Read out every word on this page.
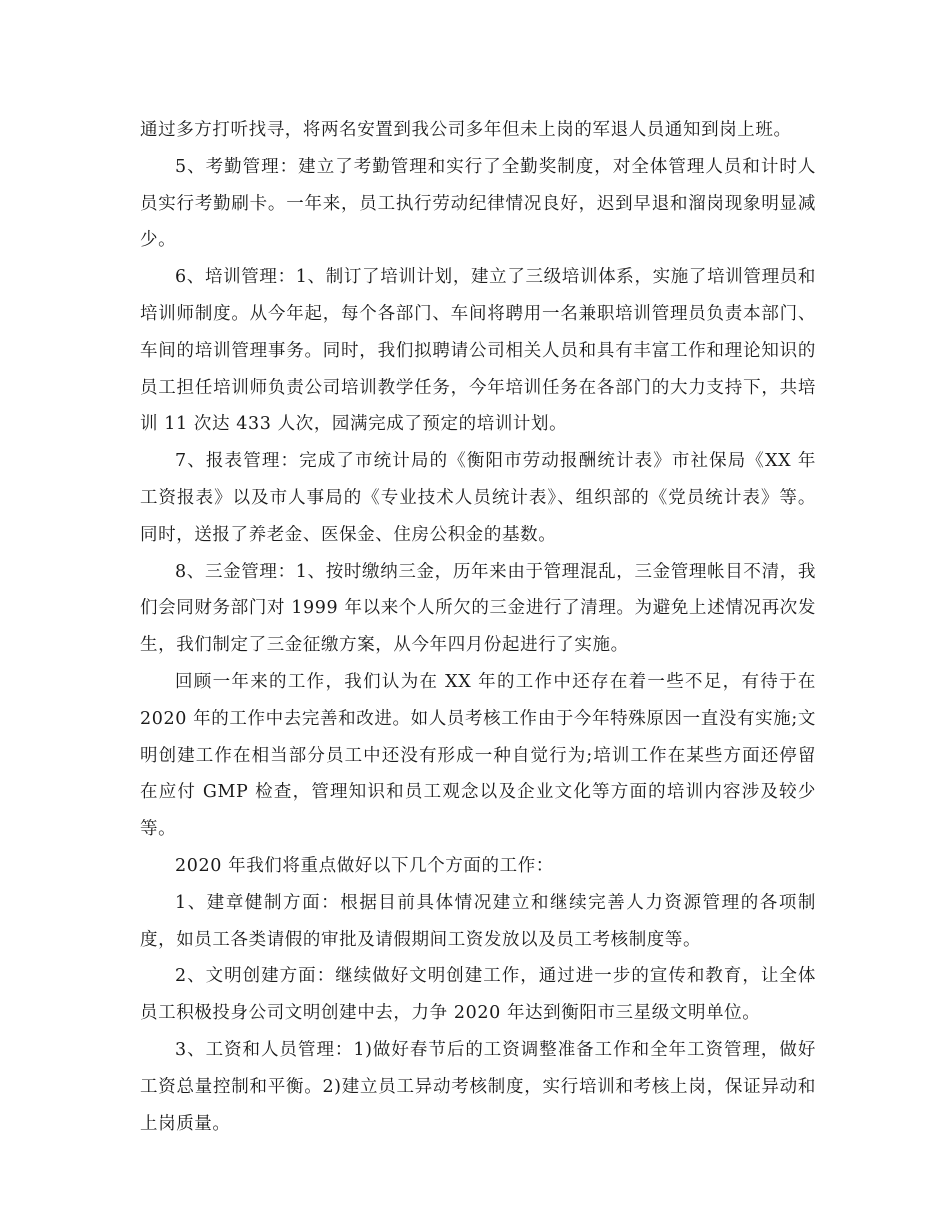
通过多方打听找寻，将两名安置到我公司多年但未上岗的军退人员通知到岗上班。

5、考勤管理：建立了考勤管理和实行了全勤奖制度，对全体管理人员和计时人员实行考勤刷卡。一年来，员工执行劳动纪律情况良好，迟到早退和溜岗现象明显减少。

6、培训管理：1、制订了培训计划，建立了三级培训体系，实施了培训管理员和培训师制度。从今年起，每个各部门、车间将聘用一名兼职培训管理员负责本部门、车间的培训管理事务。同时，我们拟聘请公司相关人员和具有丰富工作和理论知识的员工担任培训师负责公司培训教学任务，今年培训任务在各部门的大力支持下，共培训 11 次达 433 人次，园满完成了预定的培训计划。

7、报表管理：完成了市统计局的《衡阳市劳动报酬统计表》市社保局《XX 年工资报表》以及市人事局的《专业技术人员统计表》、组织部的《党员统计表》等。同时，送报了养老金、医保金、住房公积金的基数。

8、三金管理：1、按时缴纳三金，历年来由于管理混乱，三金管理帐目不清，我们会同财务部门对 1999 年以来个人所欠的三金进行了清理。为避免上述情况再次发生，我们制定了三金征缴方案，从今年四月份起进行了实施。

回顾一年来的工作，我们认为在 XX 年的工作中还存在着一些不足，有待于在 2020 年的工作中去完善和改进。如人员考核工作由于今年特殊原因一直没有实施;文明创建工作在相当部分员工中还没有形成一种自觉行为;培训工作在某些方面还停留在应付 GMP 检查，管理知识和员工观念以及企业文化等方面的培训内容涉及较少等。

2020 年我们将重点做好以下几个方面的工作：

1、建章健制方面：根据目前具体情况建立和继续完善人力资源管理的各项制度，如员工各类请假的审批及请假期间工资发放以及员工考核制度等。

2、文明创建方面：继续做好文明创建工作，通过进一步的宣传和教育，让全体员工积极投身公司文明创建中去，力争 2020 年达到衡阳市三星级文明单位。

3、工资和人员管理：1)做好春节后的工资调整准备工作和全年工资管理，做好工资总量控制和平衡。2)建立员工异动考核制度，实行培训和考核上岗，保证异动和上岗质量。
